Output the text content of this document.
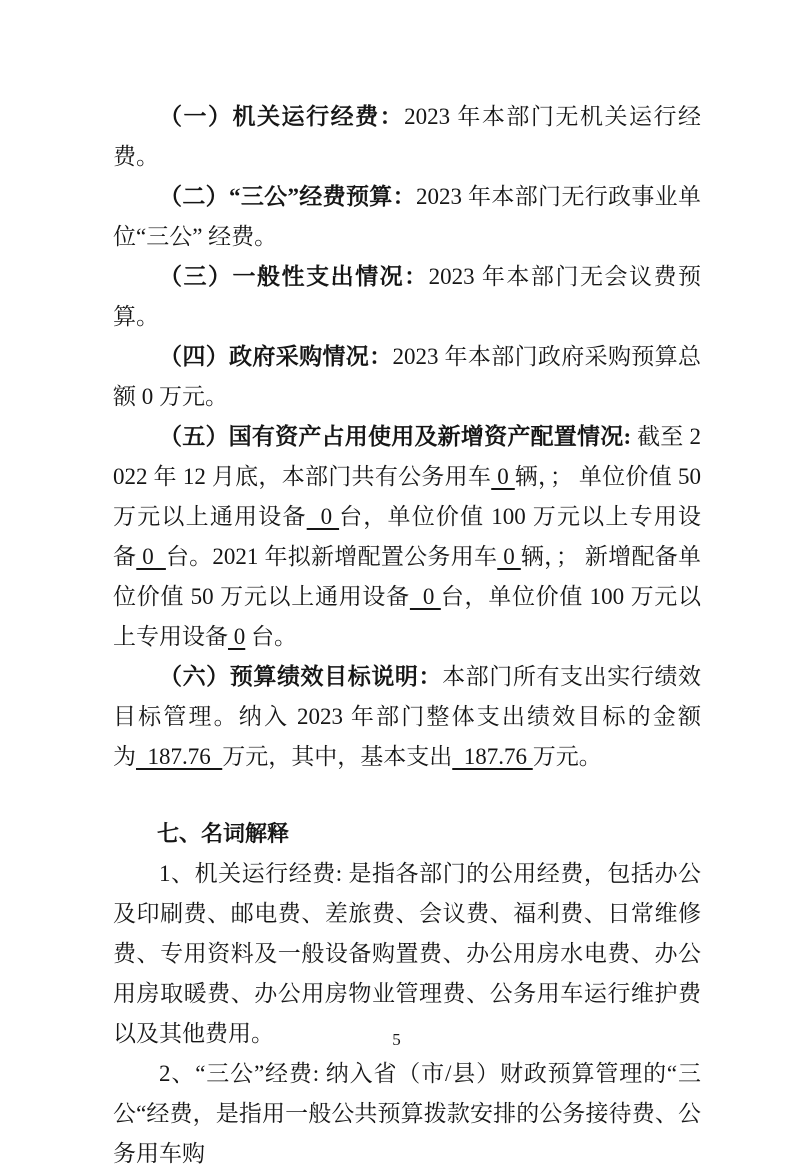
（一）机关运行经费：2023 年本部门无机关运行经费。
（二）“三公”经费预算：2023 年本部门无行政事业单位“三公” 经费。
（三）一般性支出情况：2023 年本部门无会议费预算。
（四）政府采购情况：2023 年本部门政府采购预算总额 0 万元。
（五）国有资产占用使用及新增资产配置情况: 截至 2022 年 12 月底，本部门共有公务用车 0 辆，； 单位价值 50 万元以上通用设备  0 台，单位价值 100 万元以上专用设备 0  台。2021 年拟新增配置公务用车 0 辆，； 新增配备单位价值 50 万元以上通用设备  0 台，单位价值 100 万元以上专用设备 0 台。
（六）预算绩效目标说明：本部门所有支出实行绩效目标管理。纳入 2023 年部门整体支出绩效目标的金额为  187.76  万元，其中，基本支出  187.76 万元。
七、名词解释
1、机关运行经费: 是指各部门的公用经费，包括办公及印刷费、邮电费、差旅费、会议费、福利费、日常维修费、专用资料及一般设备购置费、办公用房水电费、办公用房取暖费、办公用房物业管理费、公务用车运行维护费以及其他费用。
2、“三公”经费: 纳入省（市/县）财政预算管理的“三公“经费，是指用一般公共预算拨款安排的公务接待费、公务用车购
5
